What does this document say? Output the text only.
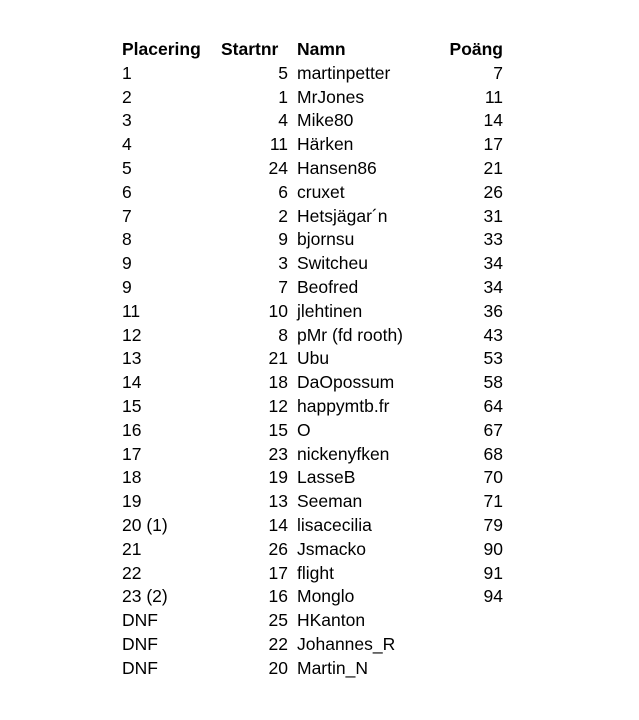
Placering	Startnr	Namn	Poäng
1	5	martinpetter	7
2	1	MrJones	11
3	4	Mike80	14
4	11	Härken	17
5	24	Hansen86	21
6	6	cruxet	26
7	2	Hetsjägar´n	31
8	9	bjornsu	33
9	3	Switcheu	34
9	7	Beofred	34
11	10	jlehtinen	36
12	8	pMr (fd rooth)	43
13	21	Ubu	53
14	18	DaOpossum	58
15	12	happymtb.fr	64
16	15	O	67
17	23	nickenyfken	68
18	19	LasseB	70
19	13	Seeman	71
20 (1)	14	lisacecilia	79
21	26	Jsmacko	90
22	17	flight	91
23 (2)	16	Monglo	94
DNF	25	HKanton	
DNF	22	Johannes_R	
DNF	20	Martin_N	
